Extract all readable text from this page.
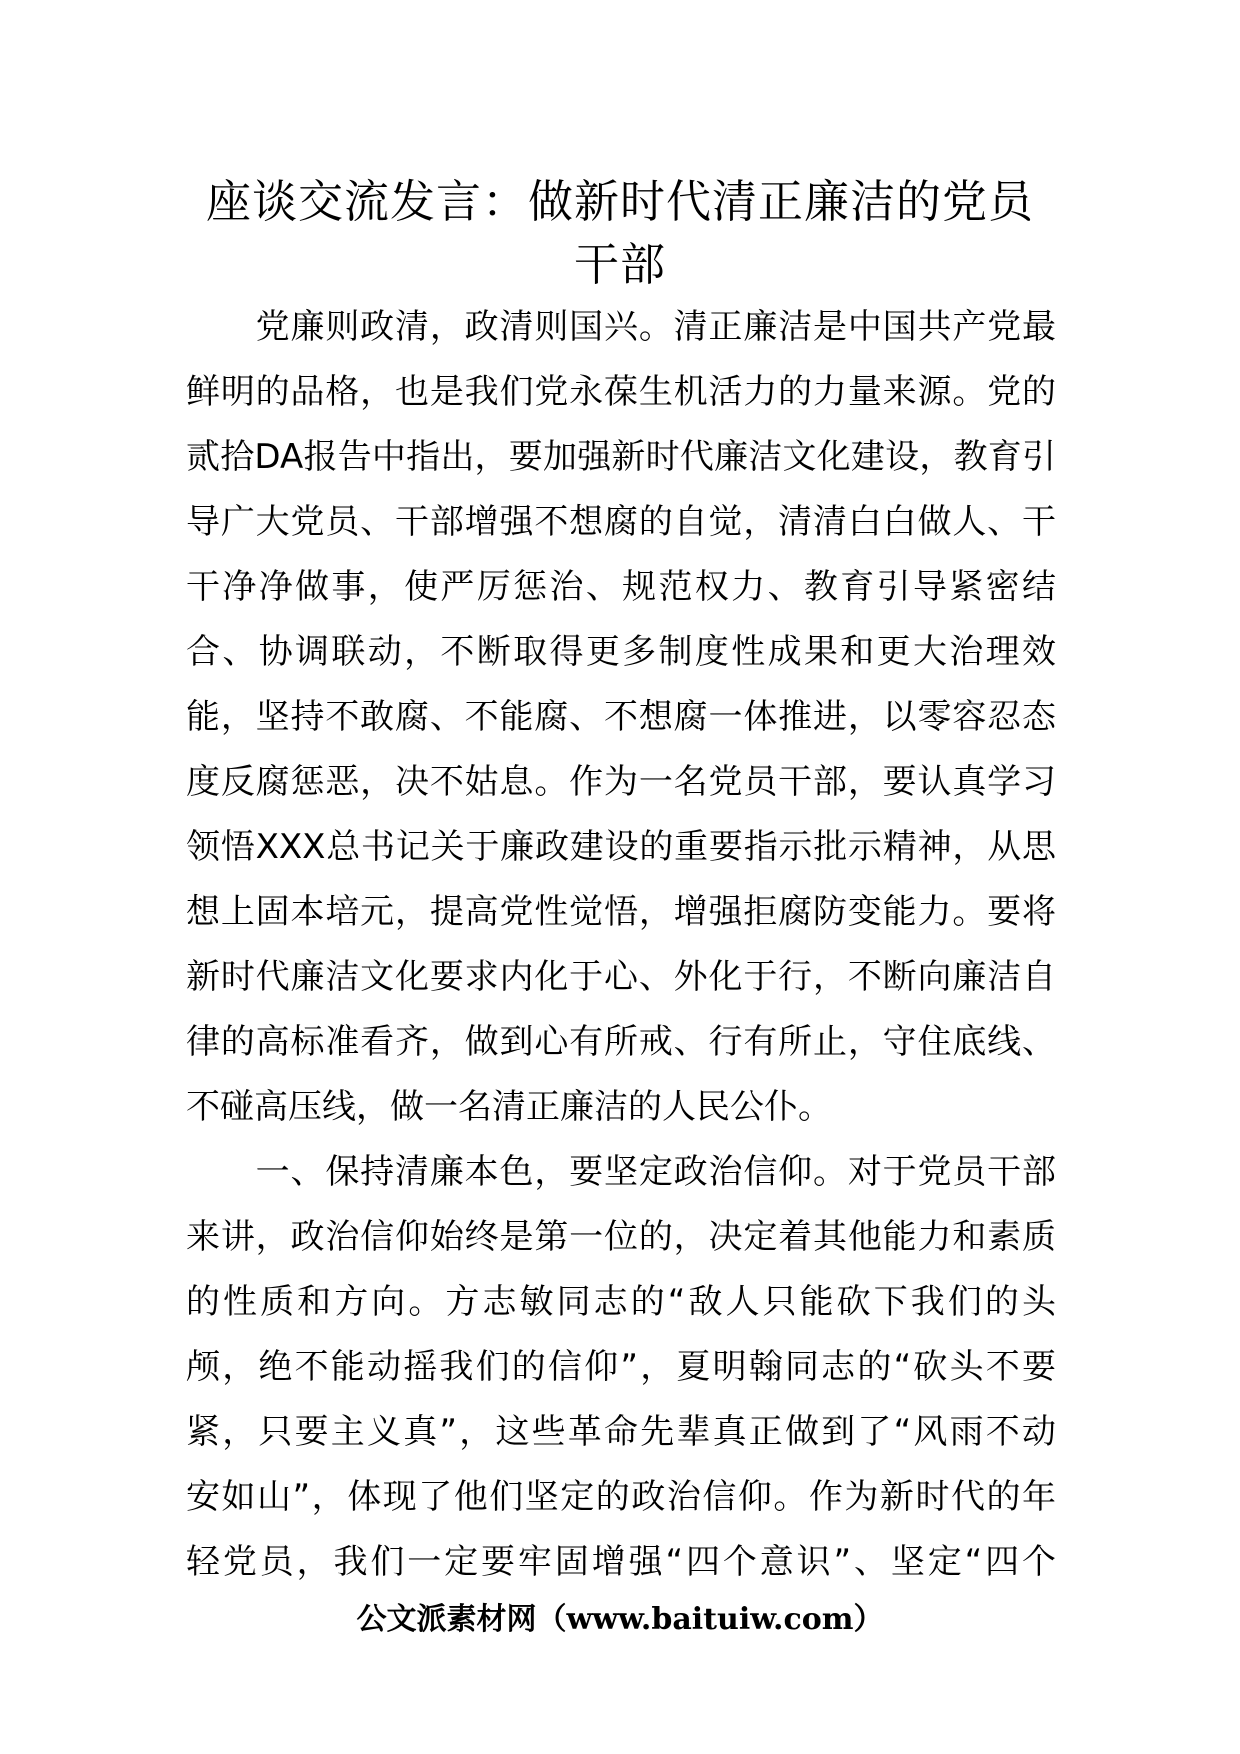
座谈交流发言：做新时代清正廉洁的党员
干部
　　党廉则政清，政清则国兴。清正廉洁是中国共产党最
鲜明的品格，也是我们党永葆生机活力的力量来源。党的
贰拾DA报告中指出，要加强新时代廉洁文化建设，教育引
导广大党员、干部增强不想腐的自觉，清清白白做人、干
干净净做事，使严厉惩治、规范权力、教育引导紧密结
合、协调联动，不断取得更多制度性成果和更大治理效
能，坚持不敢腐、不能腐、不想腐一体推进，以零容忍态
度反腐惩恶，决不姑息。作为一名党员干部，要认真学习
领悟XXX总书记关于廉政建设的重要指示批示精神，从思
想上固本培元，提高党性觉悟，增强拒腐防变能力。要将
新时代廉洁文化要求内化于心、外化于行，不断向廉洁自
律的高标准看齐，做到心有所戒、行有所止，守住底线、
不碰高压线，做一名清正廉洁的人民公仆。
　　一、保持清廉本色，要坚定政治信仰。对于党员干部
来讲，政治信仰始终是第一位的，决定着其他能力和素质
的性质和方向。方志敏同志的“敌人只能砍下我们的头
颅，绝不能动摇我们的信仰”，夏明翰同志的“砍头不要
紧，只要主义真”，这些革命先辈真正做到了“风雨不动
安如山”，体现了他们坚定的政治信仰。作为新时代的年
轻党员，我们一定要牢固增强“四个意识”、坚定“四个
公文派素材网（www.baituiw.com）
